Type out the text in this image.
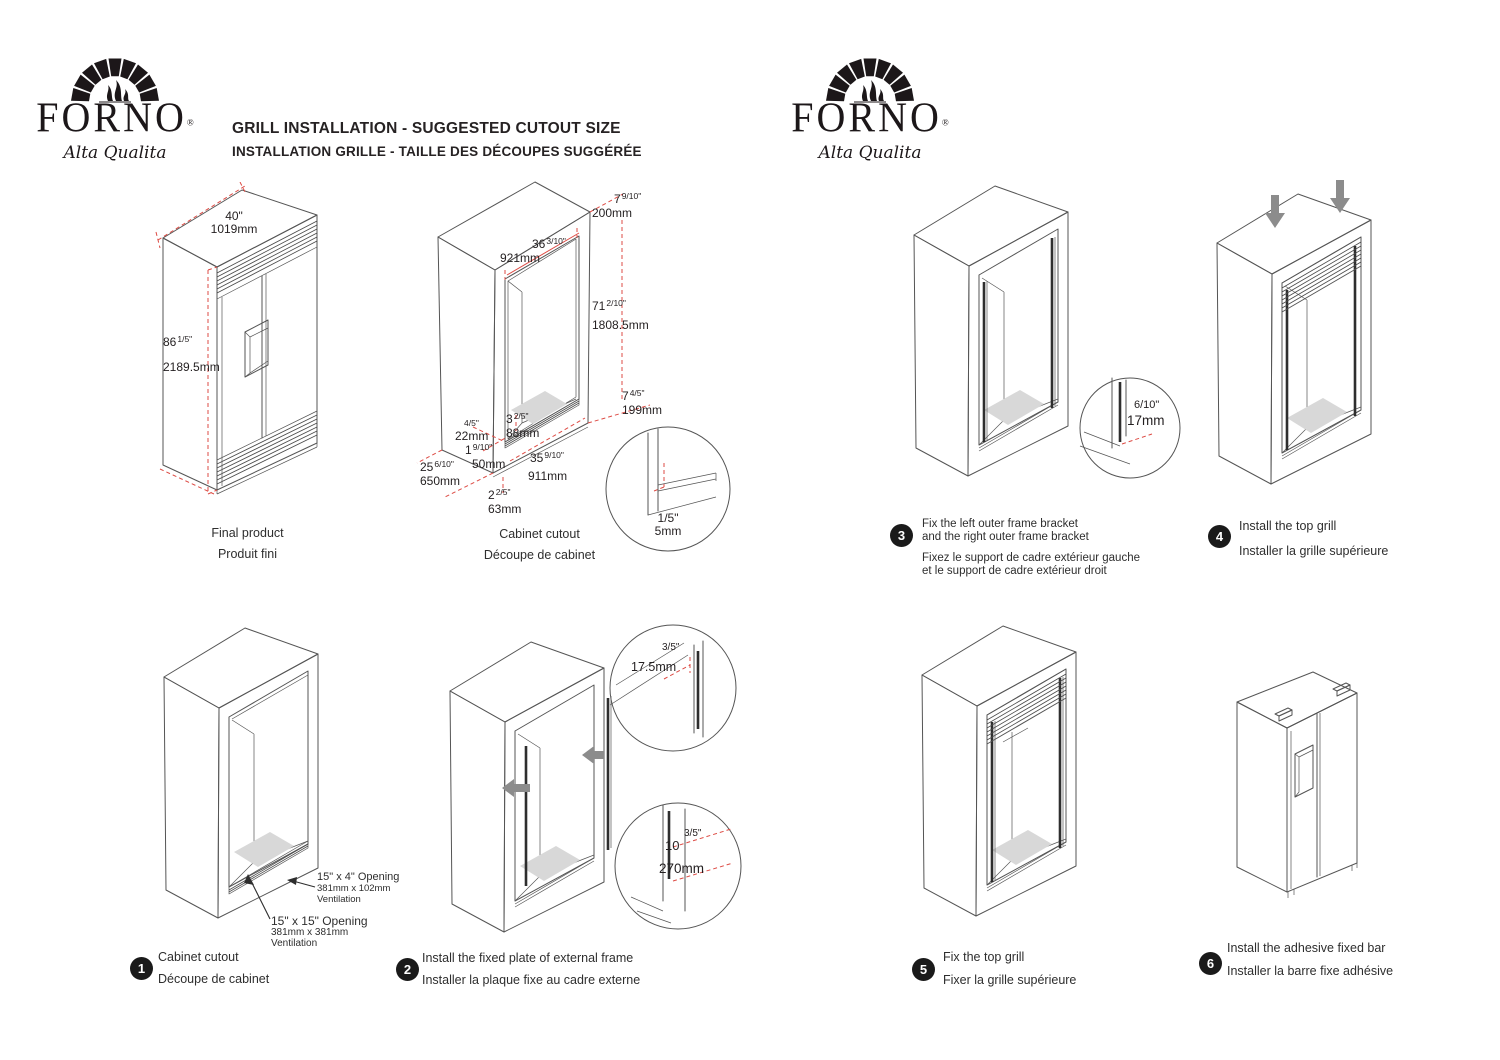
FORNO®
Alta Qualita
GRILL INSTALLATION - SUGGESTED CUTOUT SIZE
INSTALLATION GRILLE - TAILLE DES DÉCOUPES SUGGÉRÉE
FORNO®
Alta Qualita
40"
1019mm
$86^{1/5"}$
2189.5mm
Final product
Produit fini
1/5"
5mm
$7^{9/10"}$
200mm
$36^{3/10"}$
921mm
$71^{2/10"}$
1808.5mm
$7^{4/5"}$
199mm
4/5"
22mm
$3^{2/5"}$
88mm
$1^{9/10"}$
50mm
$25^{6/10"}$
650mm
$2^{2/5"}$
63mm
$35^{9/10"}$
911mm
Cabinet cutout
Découpe de cabinet
6/10"
17mm
3
Fix the left outer frame bracket
and the right outer frame bracket
Fixez le support de cadre extérieur gauche
et le support de cadre extérieur droit
4
Install the top grill
Installer la grille supérieure
15" x 4" Opening
381mm x 102mm
Ventilation
15" x 15" Opening
381mm x 381mm
Ventilation
1
Cabinet cutout
Découpe de cabinet
3/5"
17.5mm
3/5"
10
270mm
2
Install the fixed plate of external frame
Installer la plaque fixe au cadre externe
5
Fix the top grill
Fixer la grille supérieure
6
Install the adhesive fixed bar
Installer la barre fixe adhésive
